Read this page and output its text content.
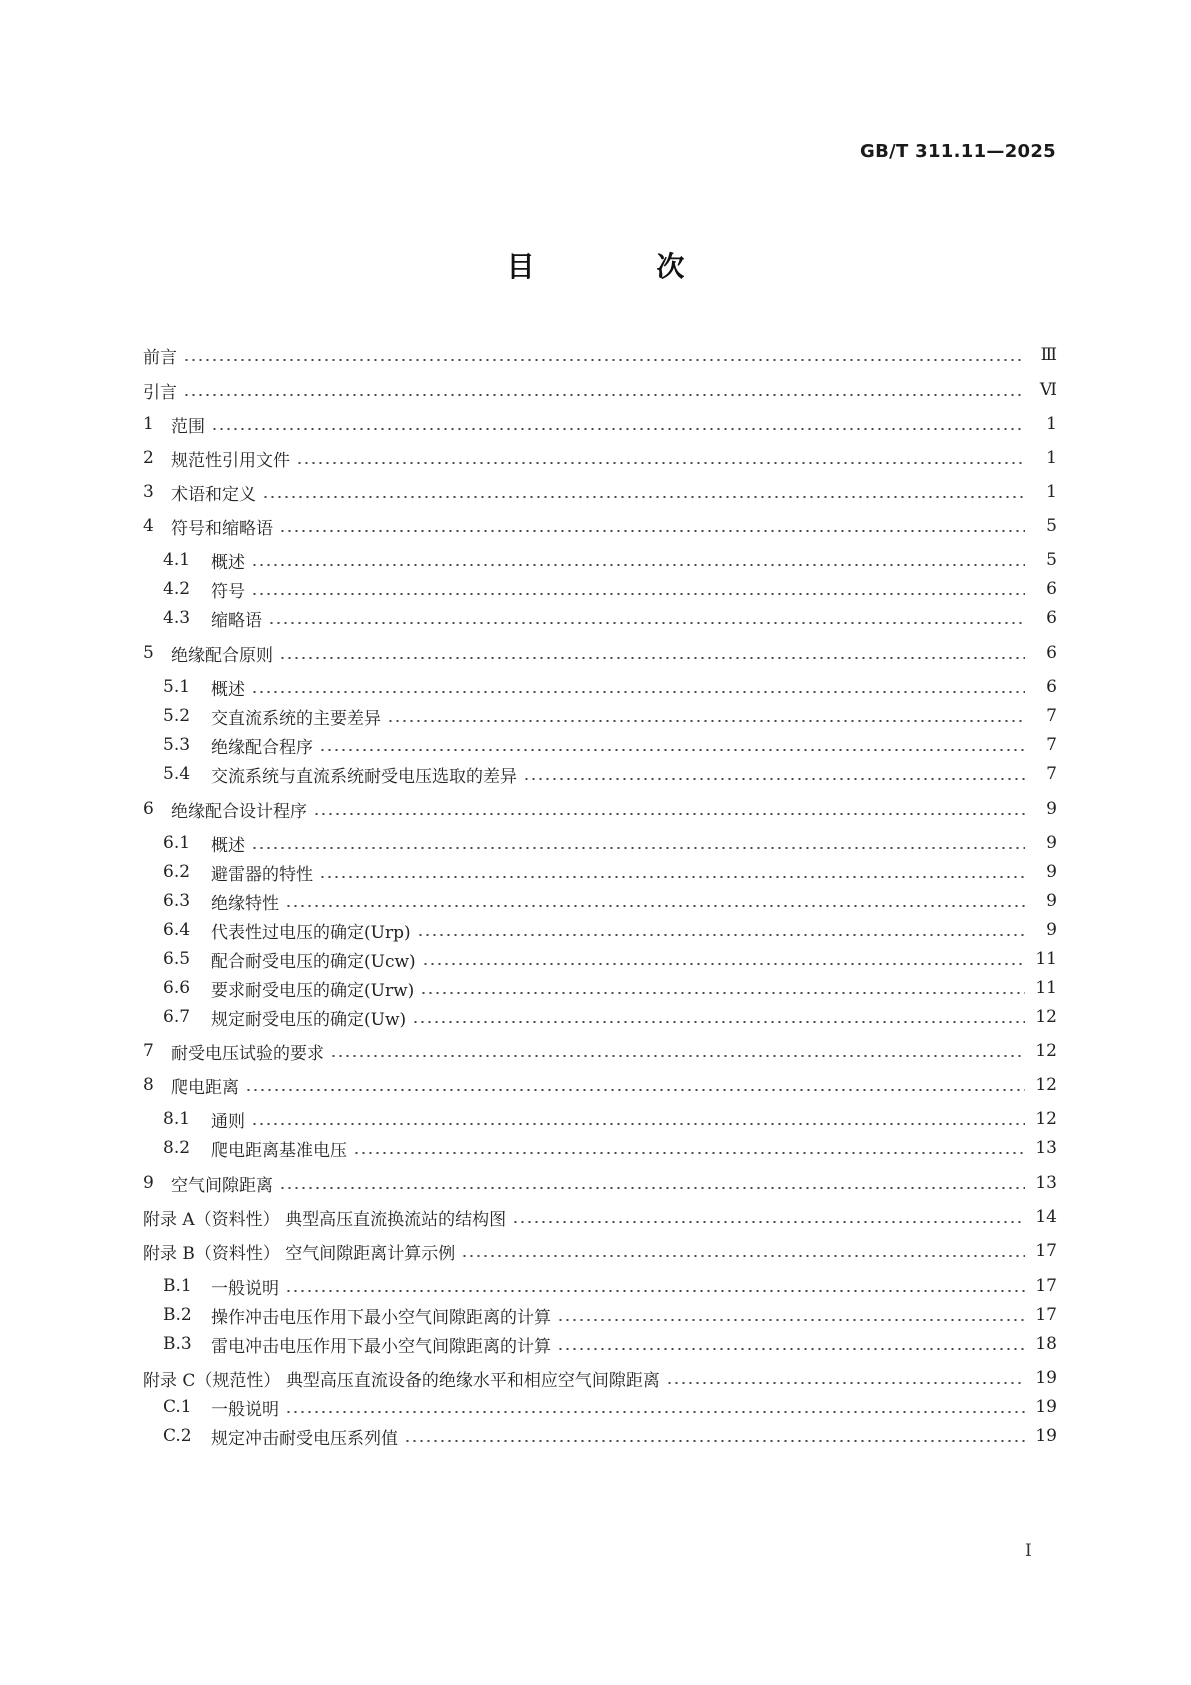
GB/T 311.11—2025
目 次
前言	Ⅲ
引言	Ⅵ
1	范围	1
2	规范性引用文件	1
3	术语和定义	1
4	符号和缩略语	5
4.1	概述	5
4.2	符号	6
4.3	缩略语	6
5	绝缘配合原则	6
5.1	概述	6
5.2	交直流系统的主要差异	7
5.3	绝缘配合程序	7
5.4	交流系统与直流系统耐受电压选取的差异	7
6	绝缘配合设计程序	9
6.1	概述	9
6.2	避雷器的特性	9
6.3	绝缘特性	9
6.4	代表性过电压的确定(Urp)	9
6.5	配合耐受电压的确定(Ucw)	11
6.6	要求耐受电压的确定(Urw)	11
6.7	规定耐受电压的确定(Uw)	12
7	耐受电压试验的要求	12
8	爬电距离	12
8.1	通则	12
8.2	爬电距离基准电压	13
9	空气间隙距离	13
附录 A（资料性） 典型高压直流换流站的结构图	14
附录 B（资料性） 空气间隙距离计算示例	17
B.1	一般说明	17
B.2	操作冲击电压作用下最小空气间隙距离的计算	17
B.3	雷电冲击电压作用下最小空气间隙距离的计算	18
附录 C（规范性） 典型高压直流设备的绝缘水平和相应空气间隙距离	19
C.1	一般说明	19
C.2	规定冲击耐受电压系列值	19
I
